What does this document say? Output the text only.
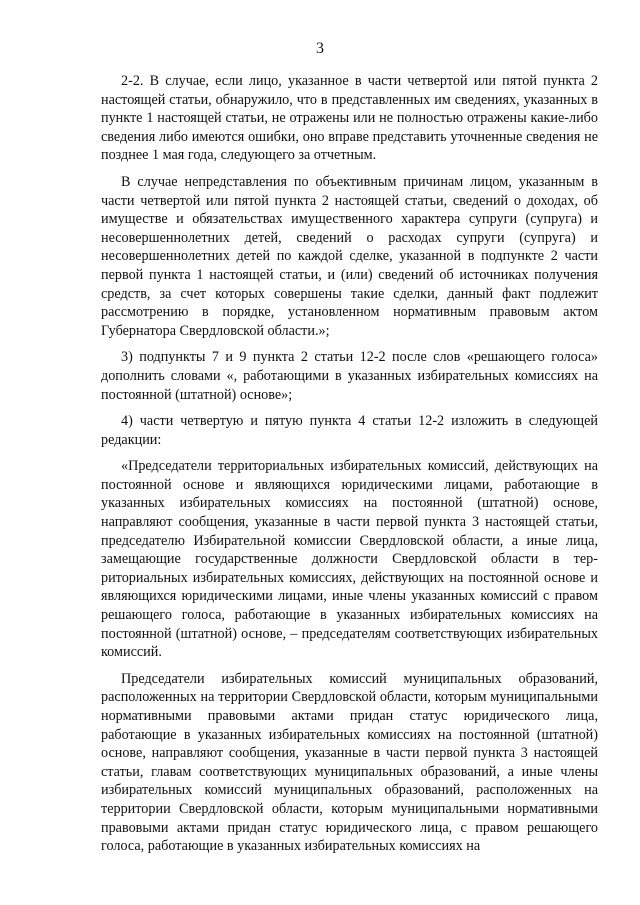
3

2-2. В случае, если лицо, указанное в части четвертой или пятой пункта 2 настоящей статьи, обнаружило, что в представленных им сведениях, указанных в пункте 1 настоящей статьи, не отражены или не полностью отражены какие-либо сведения либо имеются ошибки, оно вправе представить уточненные сведения не позднее 1 мая года, следующего за отчетным.

В случае непредставления по объективным причинам лицом, указанным в части четвертой или пятой пункта 2 настоящей статьи, сведений о доходах, об имуществе и обязательствах имущественного характера супруги (супруга) и несовершеннолетних детей, сведений о расходах супруги (супруга) и несовершеннолетних детей по каждой сделке, указанной в подпункте 2 части первой пункта 1 настоящей статьи, и (или) сведений об источниках получения средств, за счет которых совершены такие сделки, данный факт подлежит рассмотрению в порядке, установленном нормативным правовым актом Губернатора Свердловской области.»;

3) подпункты 7 и 9 пункта 2 статьи 12-2 после слов «решающего голоса» дополнить словами «, работающими в указанных избирательных комиссиях на постоянной (штатной) основе»;

4) части четвертую и пятую пункта 4 статьи 12-2 изложить в следующей редакции:

«Председатели территориальных избирательных комиссий, действующих на постоянной основе и являющихся юридическими лицами, работающие в указанных избирательных комиссиях на постоянной (штатной) основе, направляют сообщения, указанные в части первой пункта 3 настоящей статьи, председателю Избирательной комиссии Свердловской области, а иные лица, замещающие государственные должности Свердловской области в территориальных избирательных комиссиях, действующих на постоянной основе и являющихся юридическими лицами, иные члены указанных комиссий с правом решающего голоса, работающие в указанных избирательных комиссиях на постоянной (штатной) основе, – председателям соответствующих избирательных комиссий.

Председатели избирательных комиссий муниципальных образований, расположенных на территории Свердловской области, которым муниципальными нормативными правовыми актами придан статус юридического лица, работающие в указанных избирательных комиссиях на постоянной (штатной) основе, направляют сообщения, указанные в части первой пункта 3 настоящей статьи, главам соответствующих муниципальных образований, а иные члены избирательных комиссий муниципальных образований, расположенных на территории Свердловской области, которым муниципальными нормативными правовыми актами придан статус юридического лица, с правом решающего голоса, работающие в указанных избирательных комиссиях на
